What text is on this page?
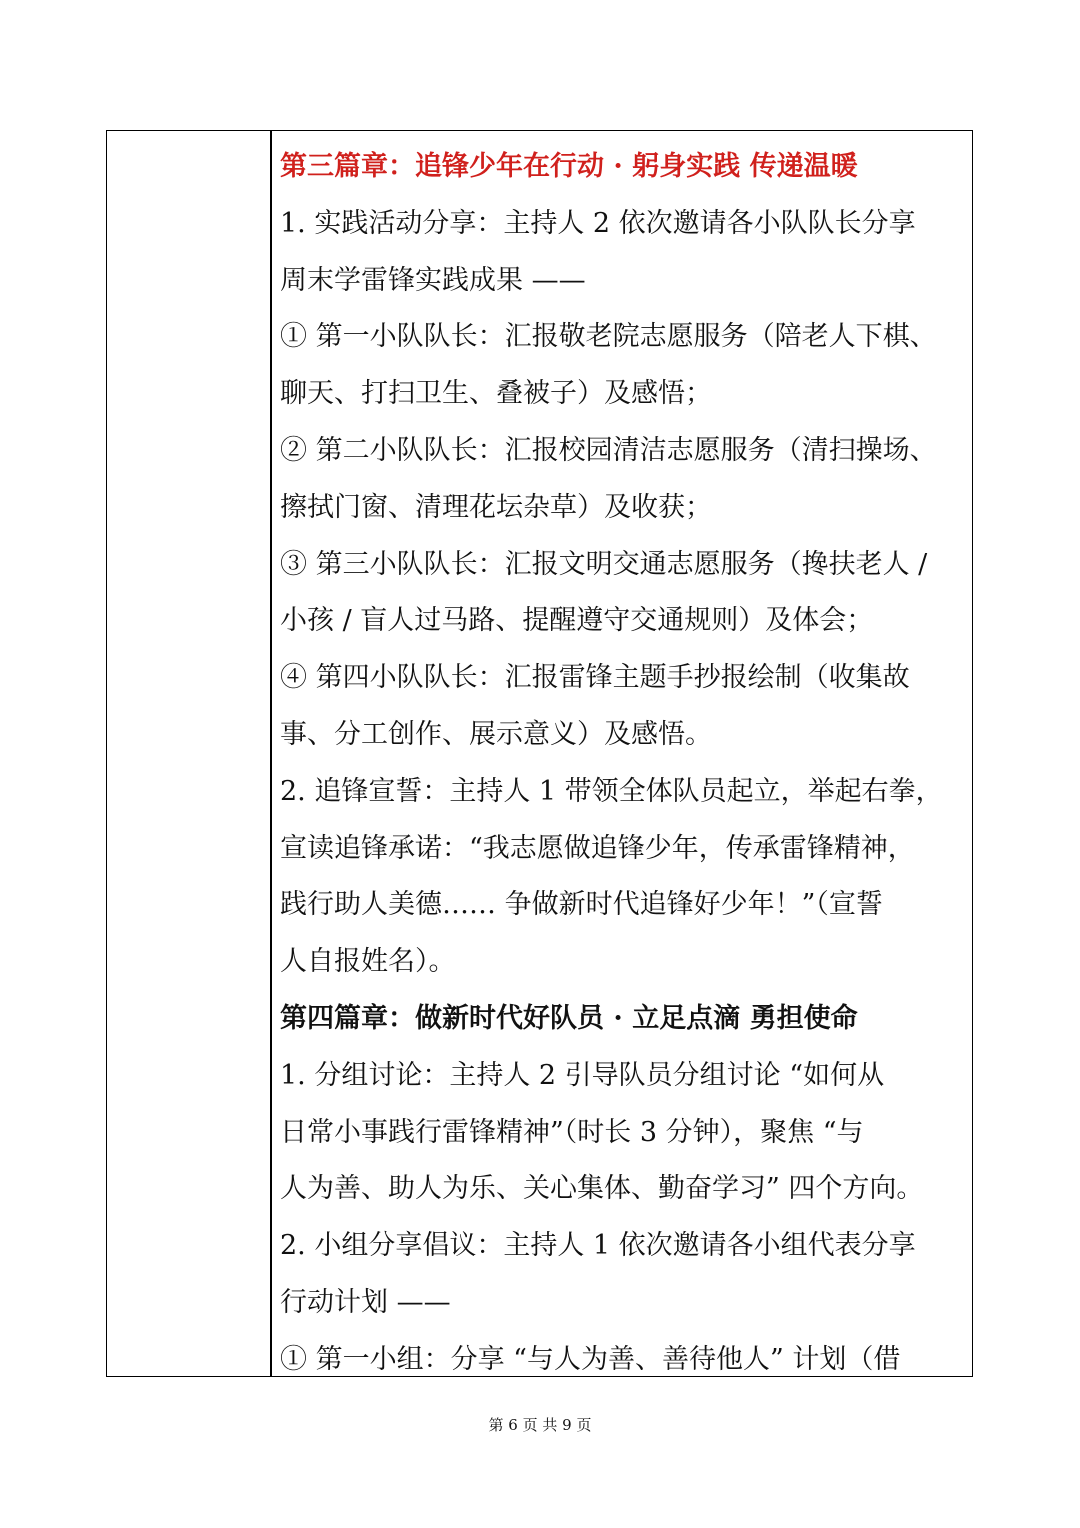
第三篇章：追锋少年在行动 · 躬身实践 传递温暖
1. 实践活动分享：主持人 2 依次邀请各小队队长分享
周末学雷锋实践成果 ——
① 第一小队队长：汇报敬老院志愿服务（陪老人下棋、
聊天、打扫卫生、叠被子）及感悟；
② 第二小队队长：汇报校园清洁志愿服务（清扫操场、
擦拭门窗、清理花坛杂草）及收获；
③ 第三小队队长：汇报文明交通志愿服务（搀扶老人 /
小孩 / 盲人过马路、提醒遵守交通规则）及体会；
④ 第四小队队长：汇报雷锋主题手抄报绘制（收集故
事、分工创作、展示意义）及感悟。
2. 追锋宣誓：主持人 1 带领全体队员起立，举起右拳，
宣读追锋承诺：“我志愿做追锋少年，传承雷锋精神，
践行助人美德…… 争做新时代追锋好少年！”（宣誓
人自报姓名）。
第四篇章：做新时代好队员 · 立足点滴 勇担使命
1. 分组讨论：主持人 2 引导队员分组讨论 “如何从
日常小事践行雷锋精神”（时长 3 分钟），聚焦 “与
人为善、助人为乐、关心集体、勤奋学习” 四个方向。
2. 小组分享倡议：主持人 1 依次邀请各小组代表分享
行动计划 ——
① 第一小组：分享 “与人为善、善待他人” 计划（借
第 6 页 共 9 页
